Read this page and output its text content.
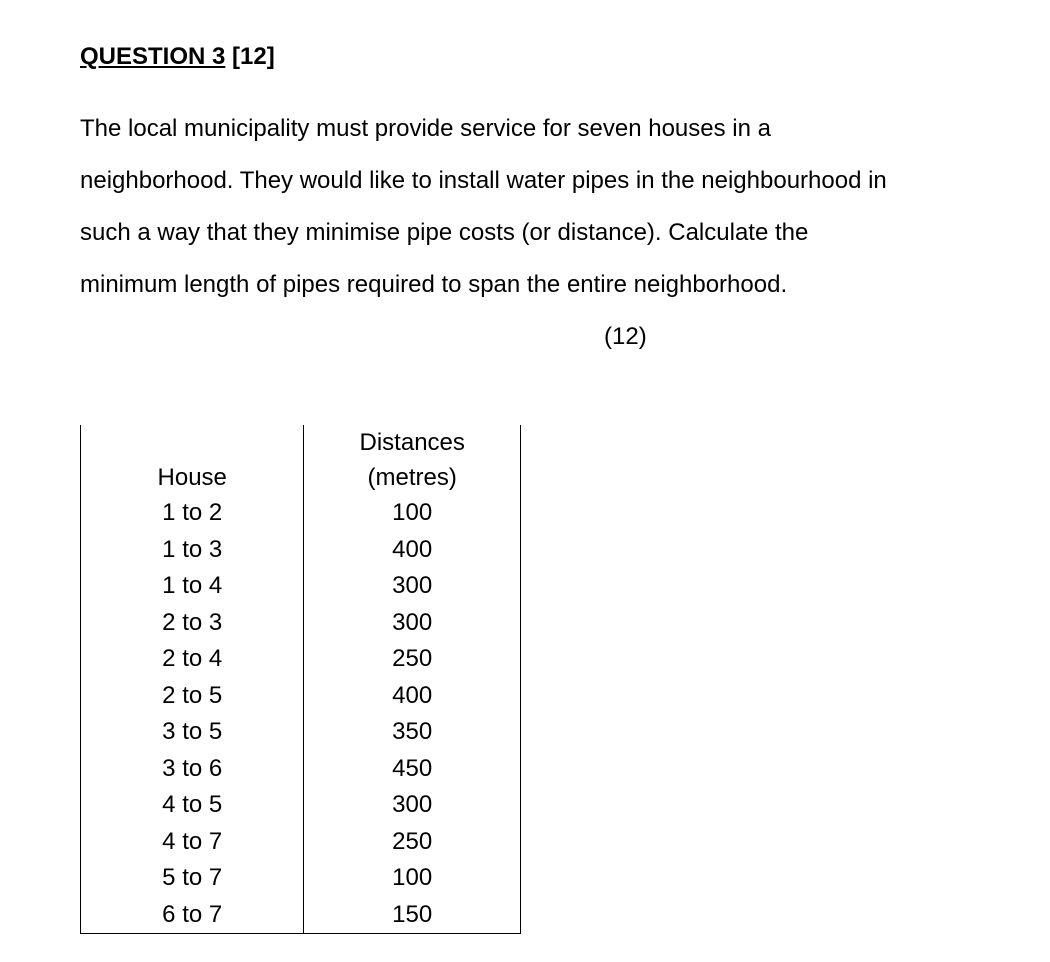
QUESTION 3 [12]

The local municipality must provide service for seven houses in a
neighborhood. They would like to install water pipes in the neighbourhood in
such a way that they minimise pipe costs (or distance). Calculate the
minimum length of pipes required to span the entire neighborhood.

(12)
House	Distances
(metres)
1 to 2	100
1 to 3	400
1 to 4	300
2 to 3	300
2 to 4	250
2 to 5	400
3 to 5	350
3 to 6	450
4 to 5	300
4 to 7	250
5 to 7	100
6 to 7	150
